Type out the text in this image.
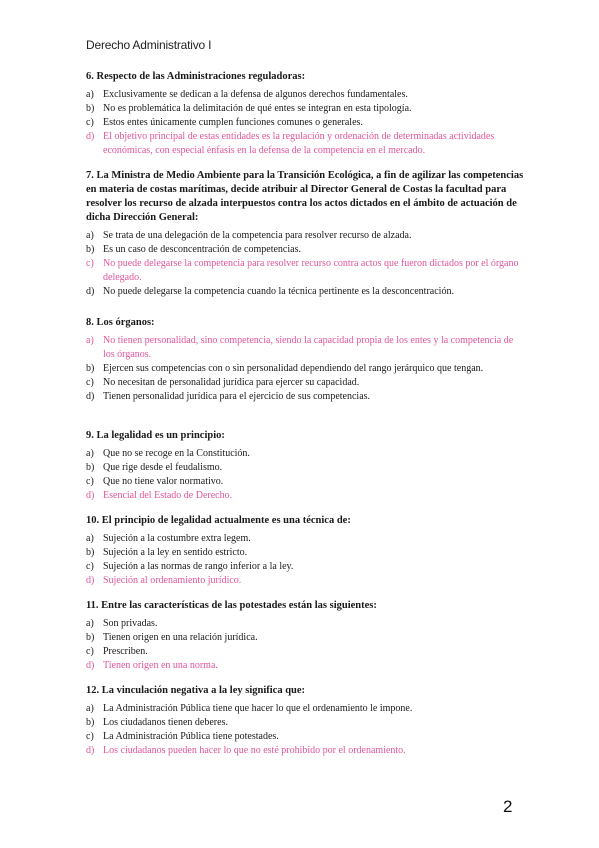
Derecho Administrativo I

6. Respecto de las Administraciones reguladoras:

a) Exclusivamente se dedican a la defensa de algunos derechos fundamentales.
b) No es problemática la delimitación de qué entes se integran en esta tipología.
c) Estos entes únicamente cumplen funciones comunes o generales.
d) El objetivo principal de estas entidades es la regulación y ordenación de determinadas actividades económicas, con especial énfasis en la defensa de la competencia en el mercado.

7. La Ministra de Medio Ambiente para la Transición Ecológica, a fin de agilizar las competencias en materia de costas marítimas, decide atribuir al Director General de Costas la facultad para resolver los recurso de alzada interpuestos contra los actos dictados en el ámbito de actuación de dicha Dirección General:

a) Se trata de una delegación de la competencia para resolver recurso de alzada.
b) Es un caso de desconcentración de competencias.
c) No puede delegarse la competencia para resolver recurso contra actos que fueron dictados por el órgano delegado.
d) No puede delegarse la competencia cuando la técnica pertinente es la desconcentración.

8. Los órganos:

a) No tienen personalidad, sino competencia, siendo la capacidad propia de los entes y la competencia de los órganos.
b) Ejercen sus competencias con o sin personalidad dependiendo del rango jerárquico que tengan.
c) No necesitan de personalidad jurídica para ejercer su capacidad.
d) Tienen personalidad jurídica para el ejercicio de sus competencias.

9. La legalidad es un principio:

a) Que no se recoge en la Constitución.
b) Que rige desde el feudalismo.
c) Que no tiene valor normativo.
d) Esencial del Estado de Derecho.

10. El principio de legalidad actualmente es una técnica de:

a) Sujeción a la costumbre extra legem.
b) Sujeción a la ley en sentido estricto.
c) Sujeción a las normas de rango inferior a la ley.
d) Sujeción al ordenamiento jurídico.

11. Entre las características de las potestades están las siguientes:

a) Son privadas.
b) Tienen origen en una relación jurídica.
c) Prescriben.
d) Tienen origen en una norma.

12. La vinculación negativa a la ley significa que:

a) La Administración Pública tiene que hacer lo que el ordenamiento le impone.
b) Los ciudadanos tienen deberes.
c) La Administración Pública tiene potestades.
d) Los ciudadanos pueden hacer lo que no esté prohibido por el ordenamiento.
2
